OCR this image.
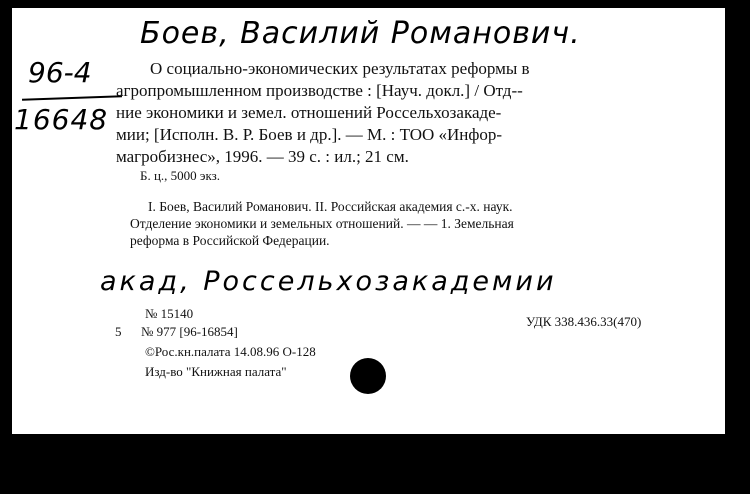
Боев, Василий Романович.
96-4
16648

О социально-экономических результатах реформы в
агропромышленном производстве : [Науч. докл.] / Отд--
ние экономики и земел. отношений Россельхозакаде-
мии; [Исполн. В. Р. Боев и др.]. — М. : ТОО «Инфор-
магробизнес», 1996. — 39 с. : ил.; 21 см.

Б. ц., 5000 экз.

I. Боев, Василий Романович. II. Российская академия с.-х. наук.
Отделение экономики и земельных отношений. — — 1. Земельная
реформа в Российской Федерации.

акад, Россельхозакадемии
№ 15140
5 № 977 [96-16854]
©Рос.кн.палата 14.08.96 О-128
Изд-во "Книжная палата"
УДК 338.436.33(470)
